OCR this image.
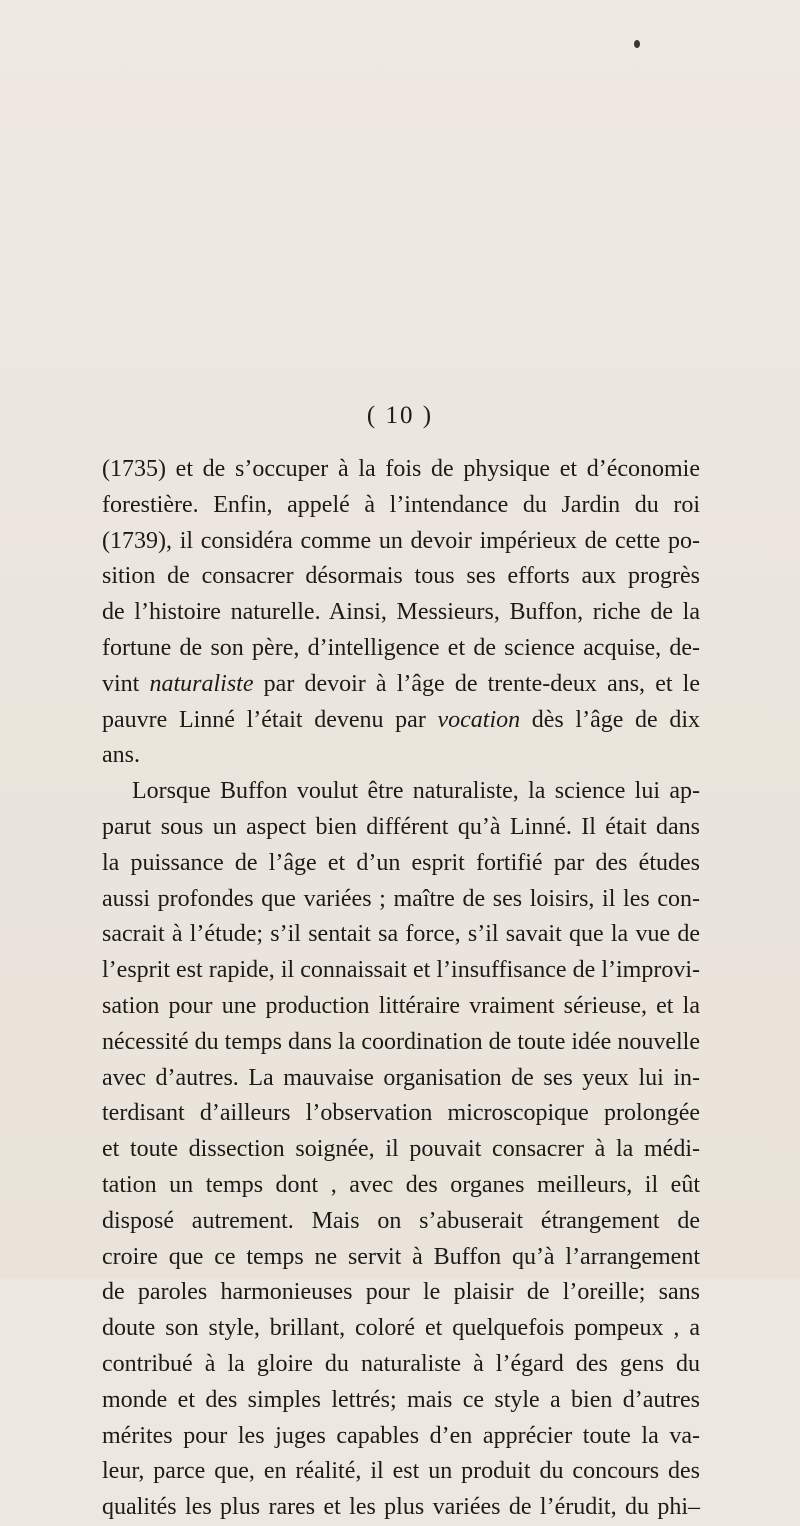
( 10 )
(1735) et de s’occuper à la fois de physique et d’économie
forestière. Enfin, appelé à l’intendance du Jardin du roi
(1739), il considéra comme un devoir impérieux de cette po-
sition de consacrer désormais tous ses efforts aux progrès
de l’histoire naturelle. Ainsi, Messieurs, Buffon, riche de la
fortune de son père, d’intelligence et de science acquise, de-
vint naturaliste par devoir à l’âge de trente-deux ans, et le
pauvre Linné l’était devenu par vocation dès l’âge de dix
ans.
Lorsque Buffon voulut être naturaliste, la science lui ap-
parut sous un aspect bien différent qu’à Linné. Il était dans
la puissance de l’âge et d’un esprit fortifié par des études
aussi profondes que variées ; maître de ses loisirs, il les con-
sacrait à l’étude; s’il sentait sa force, s’il savait que la vue de
l’esprit est rapide, il connaissait et l’insuffisance de l’improvi-
sation pour une production littéraire vraiment sérieuse, et la
nécessité du temps dans la coordination de toute idée nouvelle
avec d’autres. La mauvaise organisation de ses yeux lui in-
terdisant d’ailleurs l’observation microscopique prolongée
et toute dissection soignée, il pouvait consacrer à la médi-
tation un temps dont , avec des organes meilleurs, il eût
disposé autrement. Mais on s’abuserait étrangement de
croire que ce temps ne servit à Buffon qu’à l’arrangement
de paroles harmonieuses pour le plaisir de l’oreille; sans
doute son style, brillant, coloré et quelquefois pompeux , a
contribué à la gloire du naturaliste à l’égard des gens du
monde et des simples lettrés; mais ce style a bien d’autres
mérites pour les juges capables d’en apprécier toute la va-
leur, parce que, en réalité, il est un produit du concours des
qualités les plus rares et les plus variées de l’érudit, du phi–
